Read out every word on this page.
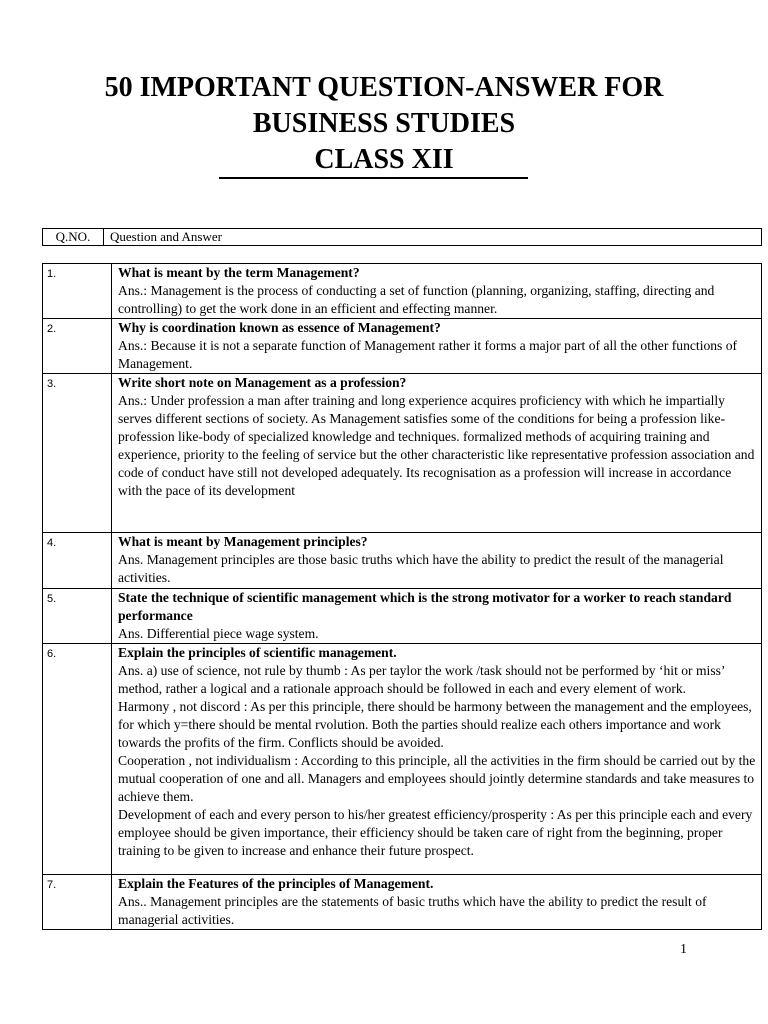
50 IMPORTANT QUESTION-ANSWER FOR
BUSINESS STUDIES
CLASS XII
Q.NO.	Question and Answer
1.	What is meant by the term Management?
Ans.: Management is the process of conducting a set of function (planning, organizing, staffing, directing and controlling) to get the work done in an efficient and effecting manner.

2.	Why is coordination known as essence of Management?
Ans.: Because it is not a separate function of Management rather it forms a major part of all the other functions of Management.

3.	Write short note on Management as a profession?
Ans.: Under profession a man after training and long experience acquires proficiency with which he impartially serves different sections of society. As Management satisfies some of the conditions for being a profession like- profession like-body of specialized knowledge and techniques. formalized methods of acquiring training and experience, priority to the feeling of service but the other characteristic like representative profession association and code of conduct have still not developed adequately. Its recognisation as a profession will increase in accordance with the pace of its development

4.	What is meant by Management principles?
Ans. Management principles are those basic truths which have the ability to predict the result of the managerial activities.

5.	State the technique of scientific management which is the strong motivator for a worker to reach standard performance
Ans. Differential piece wage system.

6.	Explain the principles of scientific management.
Ans. a) use of science, not rule by thumb : As per taylor the work /task should not be performed by ‘hit or miss’ method, rather a logical and a rationale approach should be followed in each and every element of work.
Harmony , not discord : As per this principle, there should be harmony between the management and the employees, for which y=there should be mental rvolution. Both the parties should realize each others importance and work towards the profits of the firm. Conflicts should be avoided.
Cooperation , not individualism : According to this principle, all the activities in the firm should be carried out by the mutual cooperation of one and all. Managers and employees should jointly determine standards and take measures to achieve them.
Development of each and every person to his/her greatest efficiency/prosperity : As per this principle each and every employee should be given importance, their efficiency should be taken care of right from the beginning, proper training to be given to increase and enhance their future prospect.

7.	Explain the Features of the principles of Management.
Ans.. Management principles are the statements of basic truths which have the ability to predict the result of managerial activities.
1
